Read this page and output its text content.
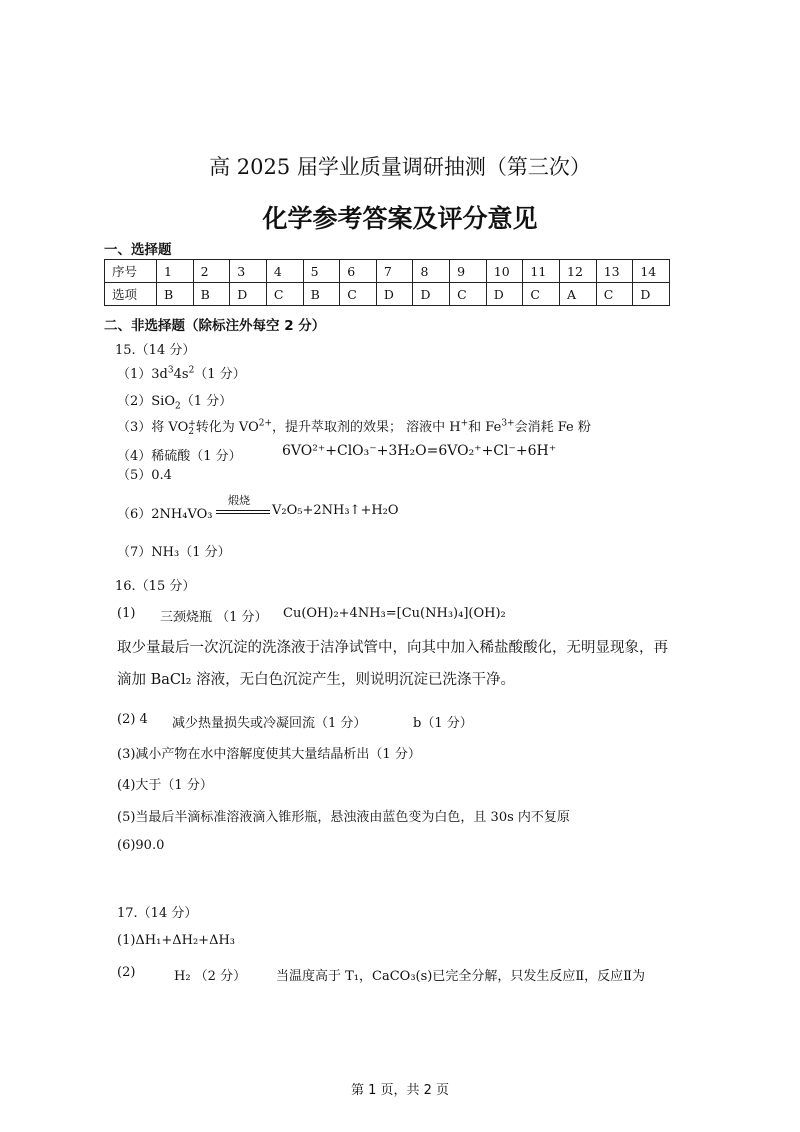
高 2025 届学业质量调研抽测（第三次）
化学参考答案及评分意见
一、选择题
序号	1	2	3	4	5	6	7	8	9	10	11	12	13	14
选项	B	B	D	C	B	C	D	D	C	D	C	A	C	D
二、非选择题（除标注外每空 2 分）
15.（14 分）
$(1)3d^34s^2(1$ 分）
（2）SiO$_2$（1 分）
（3）将 VO+
2 转化为 $VO^{2+}$，提升萃取剂的效果； 溶液中 H+和 $Fe^{3+}$会消耗 Fe 粉
（4）稀硫酸（1 分）	6VO²⁺+ClO₃⁻+3H₂O=6VO₂⁺+Cl⁻+6H⁺
（5）0.4
（6）2NH₄VO₃
煅烧
V₂O₅+2NH₃↑+H₂O
（7）NH₃（1 分）
16.（15 分）
(1) 三颈烧瓶 （1 分） Cu(OH)₂+4NH₃=[Cu(NH₃)₄](OH)₂
取少量最后一次沉淀的洗涤液于洁净试管中，向其中加入稀盐酸酸化，无明显现象，再
滴加 BaCl₂ 溶液，无白色沉淀产生，则说明沉淀已洗涤干净。
(2) 4 减少热量损失或冷凝回流（1 分）	b（1 分）
(3)减小产物在水中溶解度使其大量结晶析出（1 分）
(4)大于（1 分）
(5)当最后半滴标准溶液滴入锥形瓶，悬浊液由蓝色变为白色，且 30s 内不复原
(6)90.0
17.（14 分）
(1)ΔH₁+ΔH₂+ΔH₃
(2)	H₂ （2 分） 当温度高于 T₁，CaCO₃(s)已完全分解，只发生反应Ⅱ，反应Ⅱ为
第 1 页，共 2 页
